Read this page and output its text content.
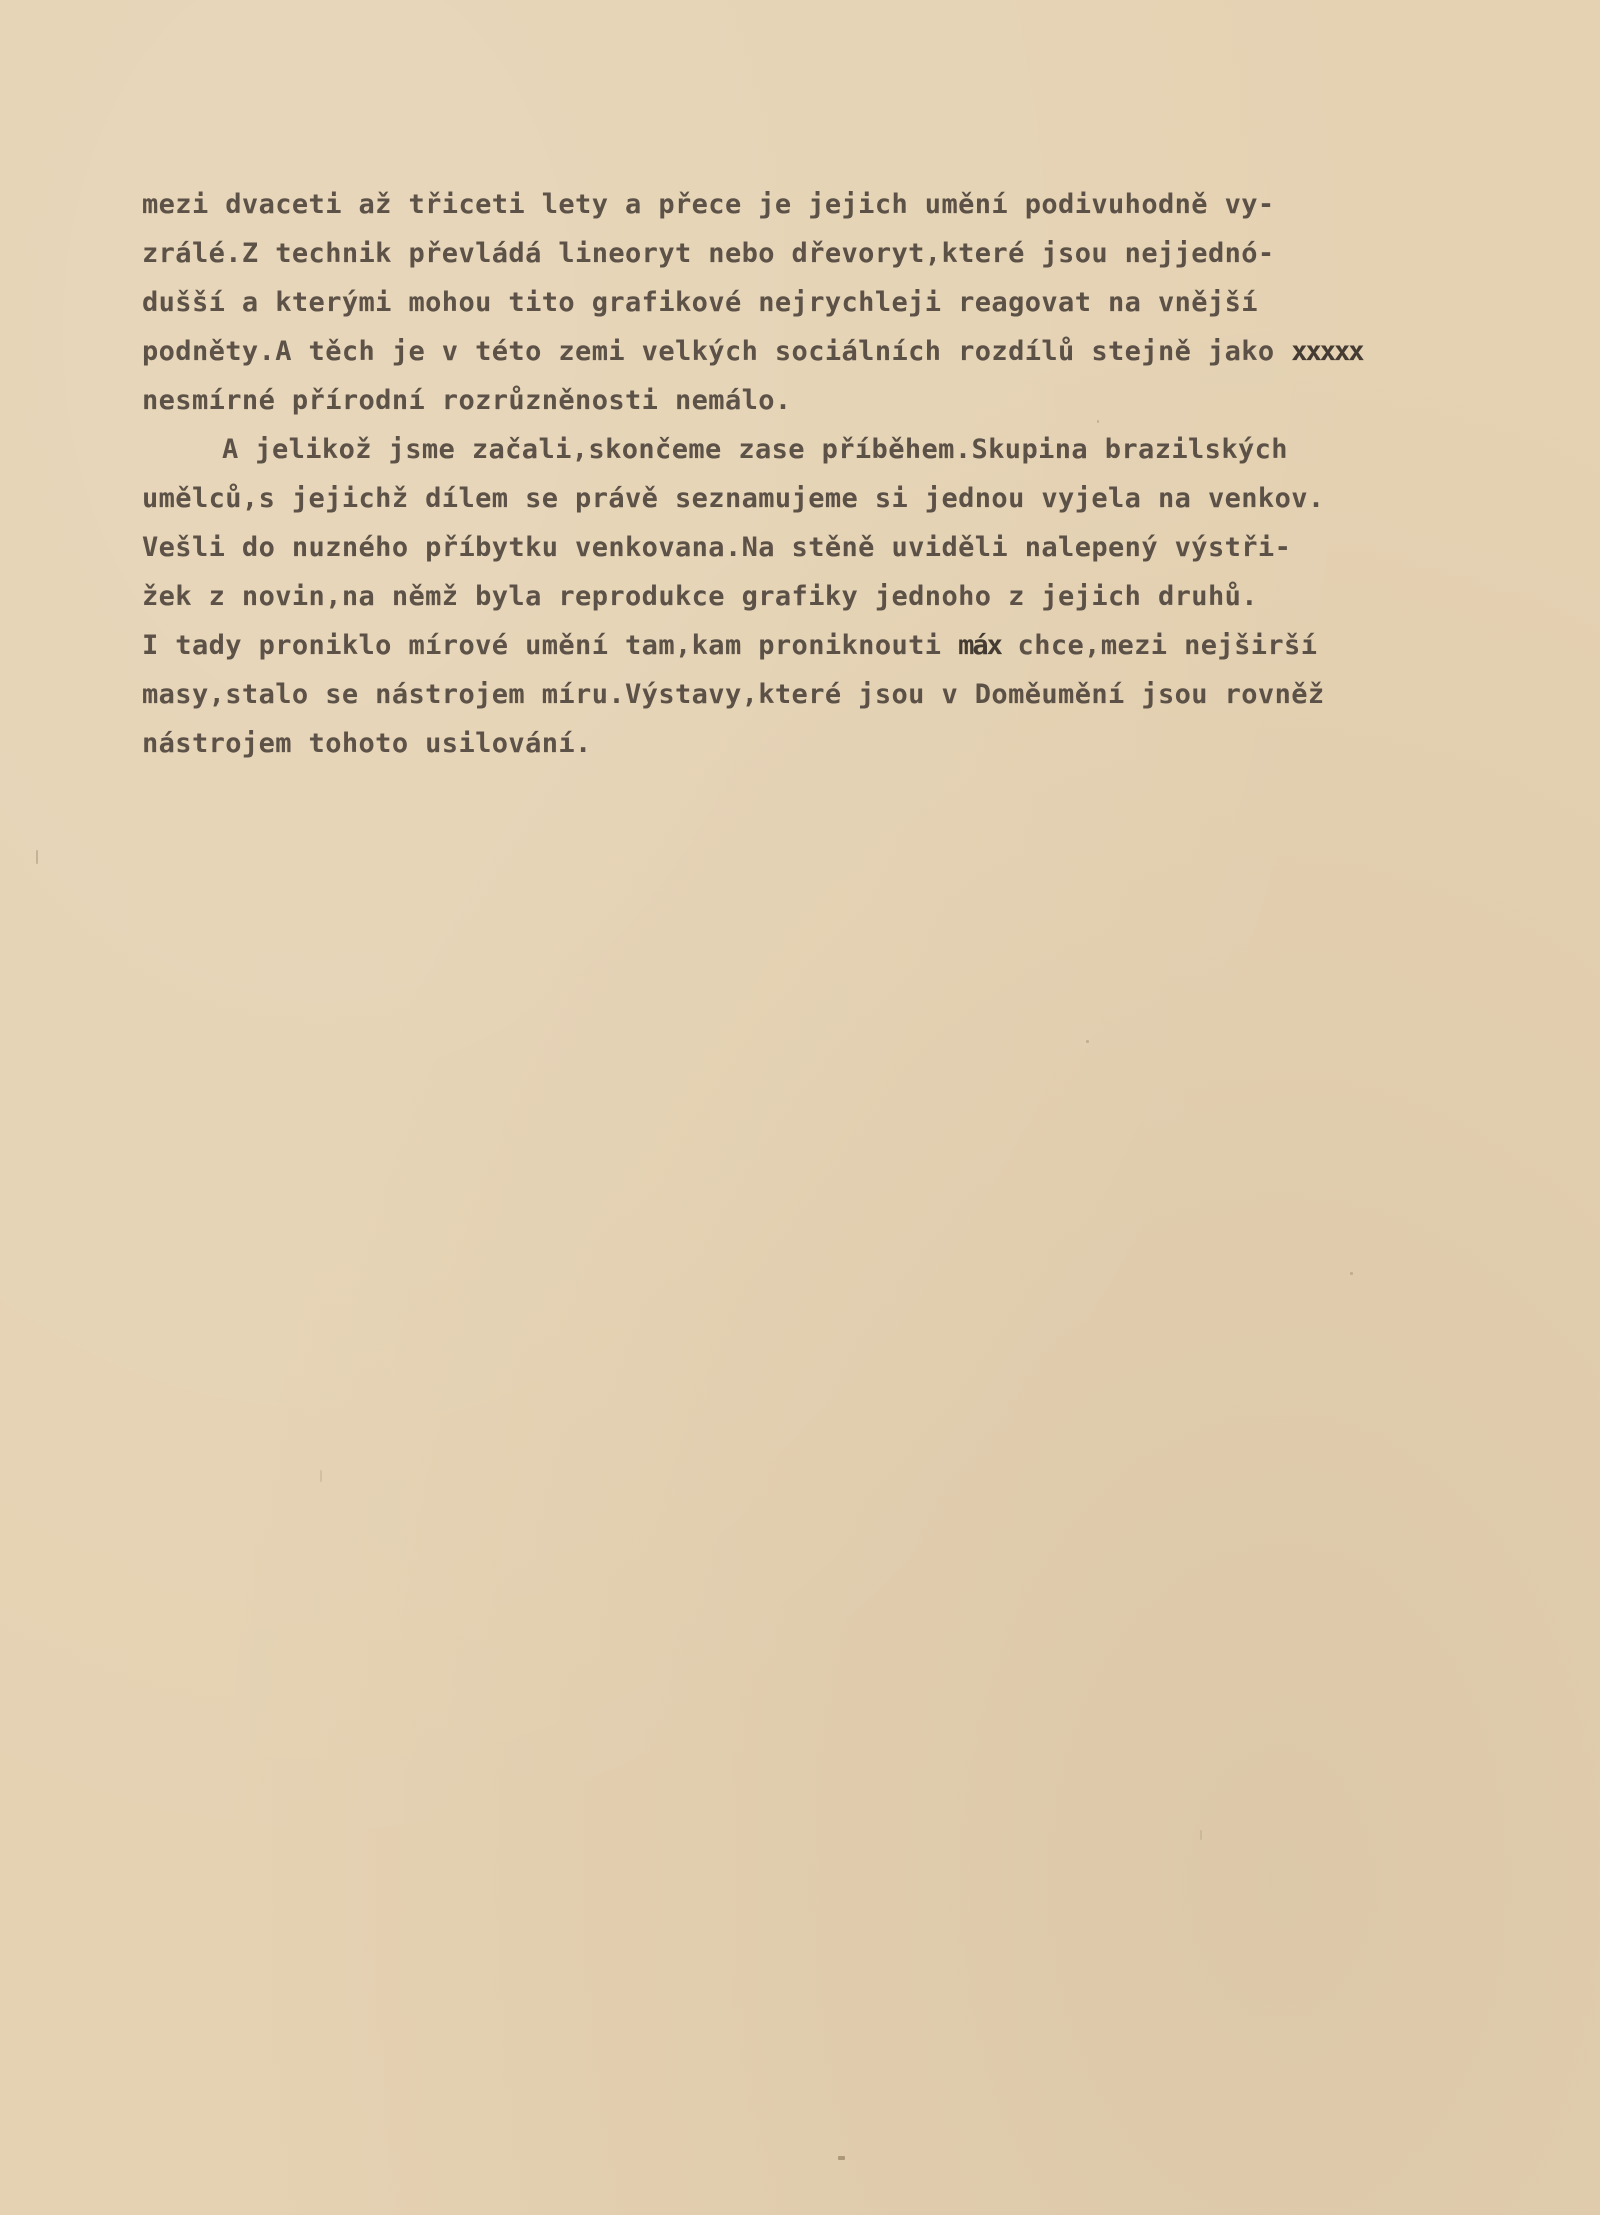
mezi dvaceti až třiceti lety a přece je jejich umění podivuhodně vy-
zrálé.Z technik převládá lineoryt nebo dřevoryt,které jsou nejjednó-
dušší a kterými mohou tito grafikové nejrychleji reagovat na vnější
podněty.A těch je v této zemi velkých sociálních rozdílů stejně jako xxxxx
nesmírné přírodní rozrůzněnosti nemálo.
A jelikož jsme začali,skončeme zase příběhem.Skupina brazilských
umělců,s jejichž dílem se právě seznamujeme si jednou vyjela na venkov.
Vešli do nuzného příbytku venkovana.Na stěně uviděli nalepený výstři-
žek z novin,na němž byla reprodukce grafiky jednoho z jejich druhů.
I tady proniklo mírové umění tam,kam proniknouti máx chce,mezi nejširší
masy,stalo se nástrojem míru.Výstavy,které jsou v Doměumění jsou rovněž
nástrojem tohoto usilování.
